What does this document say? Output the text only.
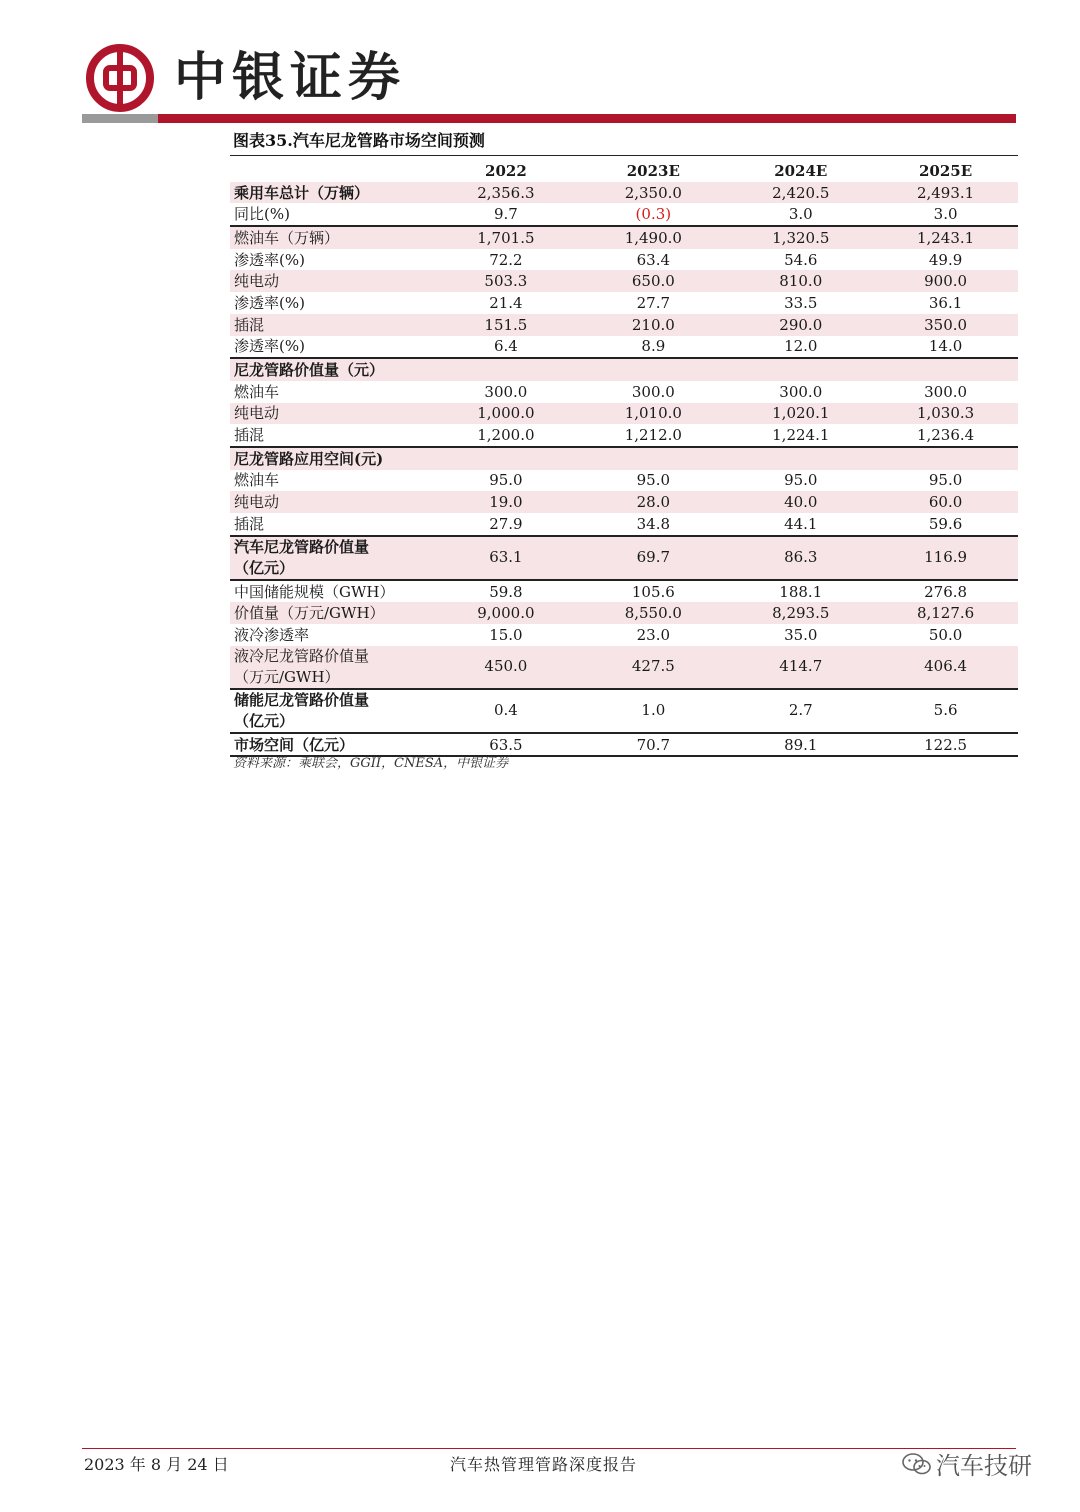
中银证券
图表35.汽车尼龙管路市场空间预测
	2022	2023E	2024E	2025E
乘用车总计（万辆）	2,356.3	2,350.0	2,420.5	2,493.1
同比(%)	9.7	(0.3)	3.0	3.0
燃油车（万辆）	1,701.5	1,490.0	1,320.5	1,243.1
渗透率(%)	72.2	63.4	54.6	49.9
纯电动	503.3	650.0	810.0	900.0
渗透率(%)	21.4	27.7	33.5	36.1
插混	151.5	210.0	290.0	350.0
渗透率(%)	6.4	8.9	12.0	14.0
尼龙管路价值量（元）				
燃油车	300.0	300.0	300.0	300.0
纯电动	1,000.0	1,010.0	1,020.1	1,030.3
插混	1,200.0	1,212.0	1,224.1	1,236.4
尼龙管路应用空间(元)				
燃油车	95.0	95.0	95.0	95.0
纯电动	19.0	28.0	40.0	60.0
插混	27.9	34.8	44.1	59.6
汽车尼龙管路价值量
（亿元）	63.1	69.7	86.3	116.9
中国储能规模（GWH）	59.8	105.6	188.1	276.8
价值量（万元/GWH）	9,000.0	8,550.0	8,293.5	8,127.6
液冷渗透率	15.0	23.0	35.0	50.0
液冷尼龙管路价值量
（万元/GWH）	450.0	427.5	414.7	406.4
储能尼龙管路价值量
（亿元）	0.4	1.0	2.7	5.6
市场空间（亿元）	63.5	70.7	89.1	122.5
资料来源：乘联会，GGII，CNESA，中银证券
2023 年 8 月 24 日	汽车热管理管路深度报告	汽车技研
